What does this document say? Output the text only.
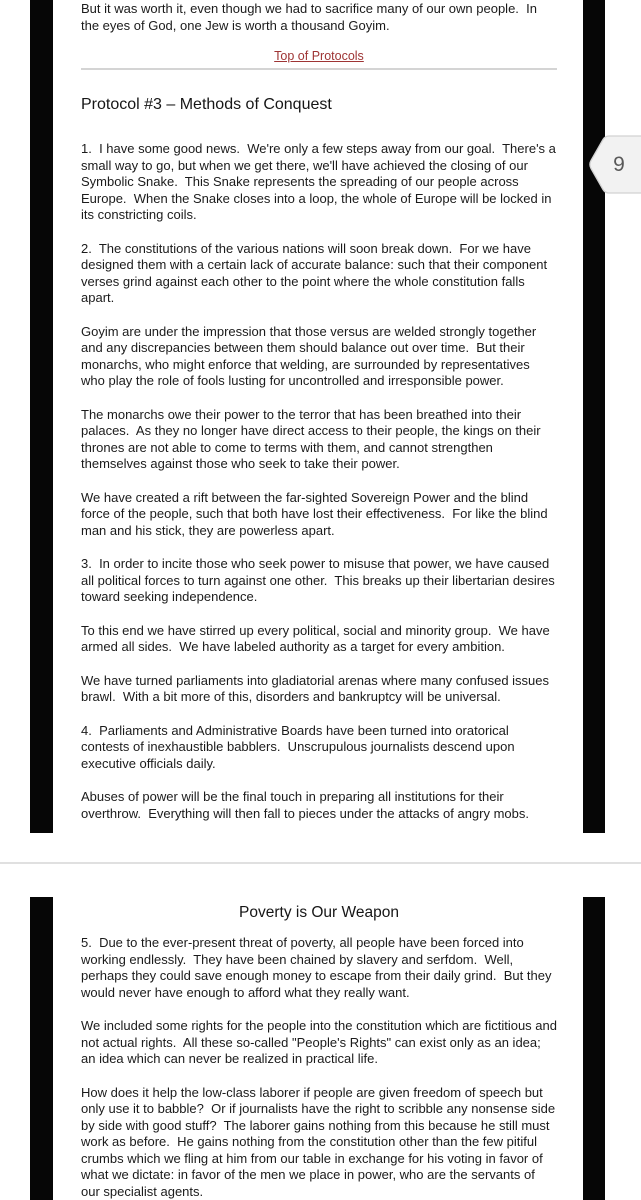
But it was worth it, even though we had to sacrifice many of our own people.  In the eyes of God, one Jew is worth a thousand Goyim.

Top of Protocols
Protocol #3 – Methods of Conquest

1.  I have some good news.  We're only a few steps away from our goal.  There's a small way to go, but when we get there, we'll have achieved the closing of our Symbolic Snake.  This Snake represents the spreading of our people across Europe.  When the Snake closes into a loop, the whole of Europe will be locked in its constricting coils.

2.  The constitutions of the various nations will soon break down.  For we have designed them with a certain lack of accurate balance: such that their component verses grind against each other to the point where the whole constitution falls apart.

Goyim are under the impression that those versus are welded strongly together and any discrepancies between them should balance out over time.  But their monarchs, who might enforce that welding, are surrounded by representatives who play the role of fools lusting for uncontrolled and irresponsible power.

The monarchs owe their power to the terror that has been breathed into their palaces.  As they no longer have direct access to their people, the kings on their thrones are not able to come to terms with them, and cannot strengthen themselves against those who seek to take their power.

We have created a rift between the far-sighted Sovereign Power and the blind force of the people, such that both have lost their effectiveness.  For like the blind man and his stick, they are powerless apart.

3.  In order to incite those who seek power to misuse that power, we have caused all political forces to turn against one other.  This breaks up their libertarian desires toward seeking independence.

To this end we have stirred up every political, social and minority group.  We have armed all sides.  We have labeled authority as a target for every ambition.

We have turned parliaments into gladiatorial arenas where many confused issues brawl.  With a bit more of this, disorders and bankruptcy will be universal.

4.  Parliaments and Administrative Boards have been turned into oratorical contests of inexhaustible babblers.  Unscrupulous journalists descend upon executive officials daily.

Abuses of power will be the final touch in preparing all institutions for their overthrow.  Everything will then fall to pieces under the attacks of angry mobs.

Poverty is Our Weapon

5.  Due to the ever-present threat of poverty, all people have been forced into working endlessly.  They have been chained by slavery and serfdom.  Well, perhaps they could save enough money to escape from their daily grind.  But they would never have enough to afford what they really want.

We included some rights for the people into the constitution which are fictitious and not actual rights.  All these so-called "People's Rights" can exist only as an idea; an idea which can never be realized in practical life.

How does it help the low-class laborer if people are given freedom of speech but only use it to babble?  Or if journalists have the right to scribble any nonsense side by side with good stuff?  The laborer gains nothing from this because he still must work as before.  He gains nothing from the constitution other than the few pitiful crumbs which we fling at him from our table in exchange for his voting in favor of what we dictate: in favor of the men we place in power, who are the servants of our specialist agents.

9
